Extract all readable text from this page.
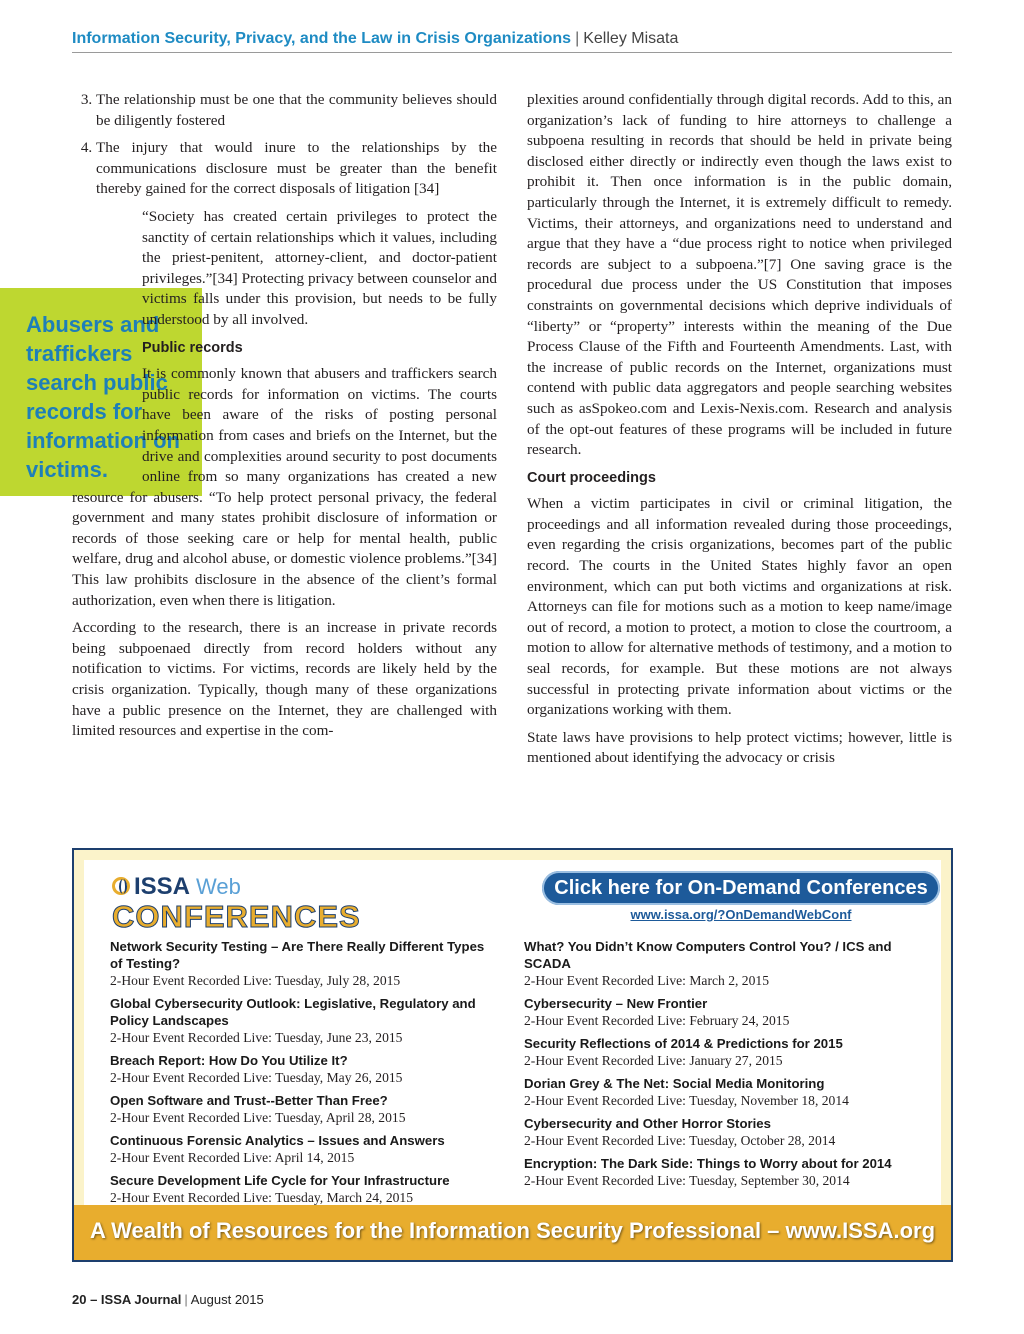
Information Security, Privacy, and the Law in Crisis Organizations | Kelley Misata
Abusers and traffickers search public records for information on victims.
3. The relationship must be one that the community believes should be diligently fostered
4. The injury that would inure to the relationships by the communications disclosure must be greater than the benefit thereby gained for the correct disposals of litigation [34]

“Society has created certain privileges to protect the sanctity of certain relationships which it values, including the priest-penitent, attorney-client, and doctor-patient privileges.”[34] Protecting privacy between counselor and victims falls under this provision, but needs to be fully understood by all involved.

Public records

It is commonly known that abusers and traffickers search public records for information on victims. The courts have been aware of the risks of posting personal information from cases and briefs on the Internet, but the drive and complexities around security to post documents online from so many organizations has created a new resource for abusers. “To help protect personal privacy, the federal government and many states prohibit disclosure of information or records of those seeking care or help for mental health, public welfare, drug and alcohol abuse, or domestic violence problems.”[34] This law prohibits disclosure in the absence of the client’s formal authorization, even when there is litigation.

According to the research, there is an increase in private records being subpoenaed directly from record holders without any notification to victims. For victims, records are likely held by the crisis organization. Typically, though many of these organizations have a public presence on the Internet, they are challenged with limited resources and expertise in the com-

plexities around confidentially through digital records. Add to this, an organization’s lack of funding to hire attorneys to challenge a subpoena resulting in records that should be held in private being disclosed either directly or indirectly even though the laws exist to prohibit it. Then once information is in the public domain, particularly through the Internet, it is extremely difficult to remedy. Victims, their attorneys, and organizations need to understand and argue that they have a “due process right to notice when privileged records are subject to a subpoena.”[7] One saving grace is the procedural due process under the US Constitution that imposes constraints on governmental decisions which deprive individuals of “liberty” or “property” interests within the meaning of the Due Process Clause of the Fifth and Fourteenth Amendments. Last, with the increase of public records on the Internet, organizations must contend with public data aggregators and people searching websites such as asSpokeo.com and Lexis-Nexis.com. Research and analysis of the opt-out features of these programs will be included in future research.

Court proceedings

When a victim participates in civil or criminal litigation, the proceedings and all information revealed during those proceedings, even regarding the crisis organizations, becomes part of the public record. The courts in the United States highly favor an open environment, which can put both victims and organizations at risk. Attorneys can file for motions such as a motion to keep name/image out of record, a motion to protect, a motion to close the courtroom, a motion to allow for alternative methods of testimony, and a motion to seal records, for example. But these motions are not always successful in protecting private information about victims or the organizations working with them.

State laws have provisions to help protect victims; however, little is mentioned about identifying the advocacy or crisis

ISSA Web
CONFERENCES
Click here for On-Demand Conferences
www.issa.org/?OnDemandWebConf
Network Security Testing – Are There Really Different Types of Testing?
2-Hour Event Recorded Live: Tuesday, July 28, 2015
Global Cybersecurity Outlook: Legislative, Regulatory and Policy Landscapes
2-Hour Event Recorded Live: Tuesday, June 23, 2015
Breach Report: How Do You Utilize It?
2-Hour Event Recorded Live: Tuesday, May 26, 2015
Open Software and Trust--Better Than Free?
2-Hour Event Recorded Live: Tuesday, April 28, 2015
Continuous Forensic Analytics – Issues and Answers
2-Hour Event Recorded Live: April 14, 2015
Secure Development Life Cycle for Your Infrastructure
2-Hour Event Recorded Live: Tuesday, March 24, 2015
What? You Didn’t Know Computers Control You? / ICS and SCADA
2-Hour Event Recorded Live: March 2, 2015
Cybersecurity – New Frontier
2-Hour Event Recorded Live: February 24, 2015
Security Reflections of 2014 & Predictions for 2015
2-Hour Event Recorded Live: January 27, 2015
Dorian Grey & The Net: Social Media Monitoring
2-Hour Event Recorded Live: Tuesday, November 18, 2014
Cybersecurity and Other Horror Stories
2-Hour Event Recorded Live: Tuesday, October 28, 2014
Encryption: The Dark Side: Things to Worry about for 2014
2-Hour Event Recorded Live: Tuesday, September 30, 2014
A Wealth of Resources for the Information Security Professional – www.ISSA.org
20 – ISSA Journal | August 2015
